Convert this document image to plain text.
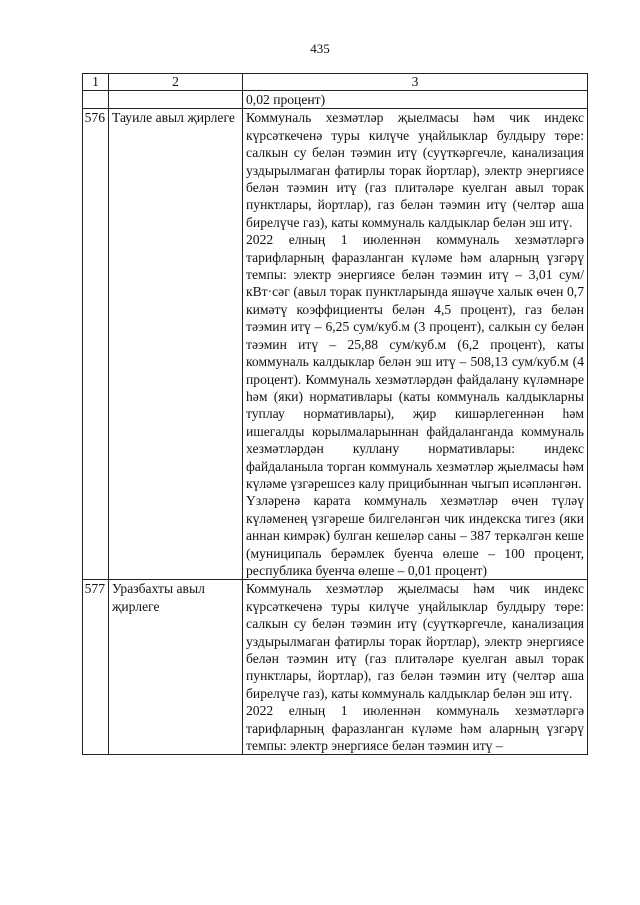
435
1	2	3
		0,02 процент)
576	Тауиле авыл җирлеге	Коммуналь хезмәтләр җыелмасы һәм чик индекс күрсәткеченә туры килүче уңайлыклар булдыру төре: салкын су белән тәэмин итү (суүткәргечле, канализация уздырылмаган фатирлы торак йортлар), электр энергиясе белән тәэмин итү (газ плитәләре куелган авыл торак пунктлары, йортлар), газ белән тәэмин итү (челтәр аша бирелүче газ), каты коммуналь калдыклар белән эш итү.

2022 елның 1 июленнән коммуналь хезмәтләргә тарифларның фаразланган күләме һәм аларның үзгәрү темпы: электр энергиясе белән тәэмин итү – 3,01 сум/кВт·сәг (авыл торак пунктларында яшәүче халык өчен 0,7 кимәтү коэффициенты белән 4,5 процент), газ белән тәэмин итү – 6,25 сум/куб.м (3 процент), салкын су белән тәэмин итү – 25,88 сум/куб.м (6,2 процент), каты коммуналь калдыклар белән эш итү – 508,13 сум/куб.м (4 процент). Коммуналь хезмәтләрдән файдалану күләмнәре һәм (яки) нормативлары (каты коммуналь калдыкларны туплау нормативлары), җир кишәрлегеннән һәм ишегалды корылмаларыннан файдаланганда коммуналь хезмәтләрдән куллану нормативлары: индекс файдаланыла торган коммуналь хезмәтләр җыелмасы һәм күләме үзгәрешсез калу прицибыннан чыгып исәпләнгән.

Үзләренә карата коммуналь хезмәтләр өчен түләү күләменең үзгәреше билгеләнгән чик индекска тигез (яки аннан кимрәк) булган кешеләр саны – 387 теркәлгән кеше (муниципаль берәмлек буенча өлеше – 100 процент, республика буенча өлеше – 0,01 процент)

577	Уразбахты авыл җирлеге	Коммуналь хезмәтләр җыелмасы һәм чик индекс күрсәткеченә туры килүче уңайлыклар булдыру төре: салкын су белән тәэмин итү (суүткәргечле, канализация уздырылмаган фатирлы торак йортлар), электр энергиясе белән тәэмин итү (газ плитәләре куелган авыл торак пунктлары, йортлар), газ белән тәэмин итү (челтәр аша бирелүче газ), каты коммуналь калдыклар белән эш итү.

2022 елның 1 июленнән коммуналь хезмәтләргә тарифларның фаразланган күләме һәм аларның үзгәрү темпы: электр энергиясе белән тәэмин итү –
